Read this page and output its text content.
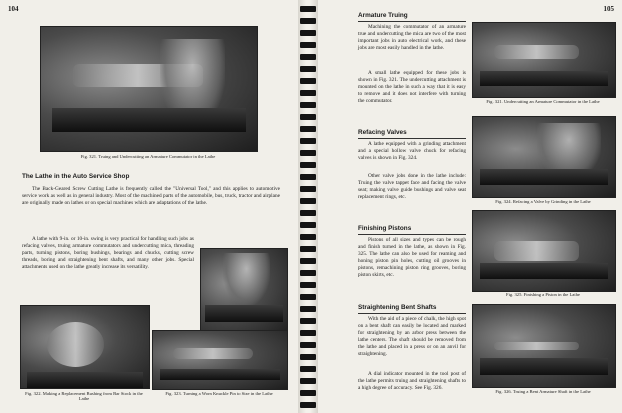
104
Fig. 321. Truing and Undercutting an Armature Commutator in the Lathe
The Lathe in the Auto Service Shop

The Back-Geared Screw Cutting Lathe is frequently called the "Universal Tool," and this applies to automotive service work as well as in general industry. Most of the machined parts of the automobile, bus, truck, tractor and airplane are originally made on lathes or on special machines which are adaptations of the lathe.

A lathe with 9-in. or 10-in. swing is very practical for handling such jobs as refacing valves, truing armature commutators and undercutting mica, threading parts, turning pistons, boring bushings, bearings and chucks, cutting screw threads, boring and straightening bent shafts, and many other jobs. Special attachments used on the lathe greatly increase its versatility.

Fig. 322. Making a Replacement Bushing from Bar Stock in the Lathe
Fig. 323. Turning a Worn Knuckle Pin to Size in the Lathe
105
Armature Truing

Machining the commutator of an armature true and undercutting the mica are two of the most important jobs in auto electrical work, and these jobs are most easily handled in the lathe.

A small lathe equipped for these jobs is shown in Fig. 321. The undercutting attachment is mounted on the lathe in such a way that it is easy to remove and it does not interfere with turning the commutator.	Fig. 321. Undercutting an Armature Commutator in the Lathe
Refacing Valves

A lathe equipped with a grinding attachment and a special hollow valve chuck for refacing valves is shown in Fig. 324.

Other valve jobs done in the lathe include: Truing the valve tappet face and facing the valve seat; making valve guide bushings and valve seat replacement rings, etc.

Fig. 324. Refacing a Valve by Grinding in the Lathe
Finishing Pistons

Pistons of all sizes and types can be rough and finish turned in the lathe, as shown in Fig. 325. The lathe can also be used for reaming and honing piston pin holes, cutting oil grooves in pistons, remachining piston ring grooves, boring piston skirts, etc.

Fig. 325. Finishing a Piston in the Lathe
Straightening Bent Shafts

With the aid of a piece of chalk, the high spot on a bent shaft can easily be located and marked for straightening by an arbor press between the lathe centers. The shaft should be removed from the lathe and placed in a press or on an anvil for straightening.

A dial indicator mounted in the tool post of the lathe permits truing and straightening shafts to a high degree of accuracy. See Fig. 326.

Fig. 326. Truing a Bent Armature Shaft in the Lathe
